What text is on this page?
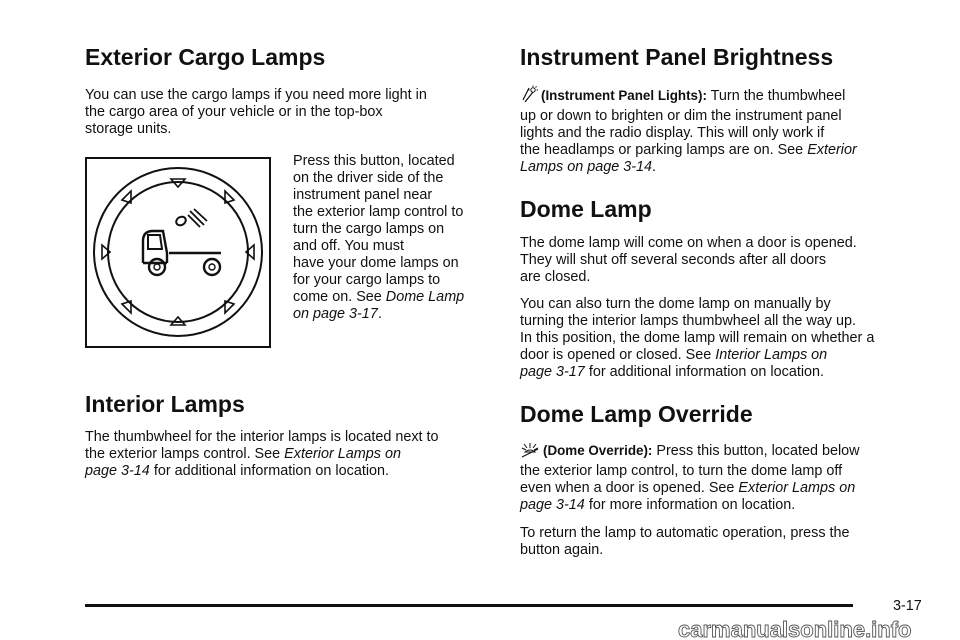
Exterior Cargo Lamps

You can use the cargo lamps if you need more light in
the cargo area of your vehicle or in the top-box
storage units.

Press this button, located
on the driver side of the
instrument panel near
the exterior lamp control to
turn the cargo lamps on
and off. You must
have your dome lamps on
for your cargo lamps to
come on. See Dome Lamp
on page 3-17.

Interior Lamps

The thumbwheel for the interior lamps is located next to
the exterior lamps control. See Exterior Lamps on
page 3-14 for additional information on location.

Instrument Panel Brightness

(Instrument Panel Lights): Turn the thumbwheel
up or down to brighten or dim the instrument panel
lights and the radio display. This will only work if
the headlamps or parking lamps are on. See Exterior
Lamps on page 3-14.

Dome Lamp

The dome lamp will come on when a door is opened.
They will shut off several seconds after all doors
are closed.

You can also turn the dome lamp on manually by
turning the interior lamps thumbwheel all the way up.
In this position, the dome lamp will remain on whether a
door is opened or closed. See Interior Lamps on
page 3-17 for additional information on location.

Dome Lamp Override

(Dome Override): Press this button, located below
the exterior lamp control, to turn the dome lamp off
even when a door is opened. See Exterior Lamps on
page 3-14 for more information on location.

To return the lamp to automatic operation, press the
button again.

3-17
carmanualsonline.info
